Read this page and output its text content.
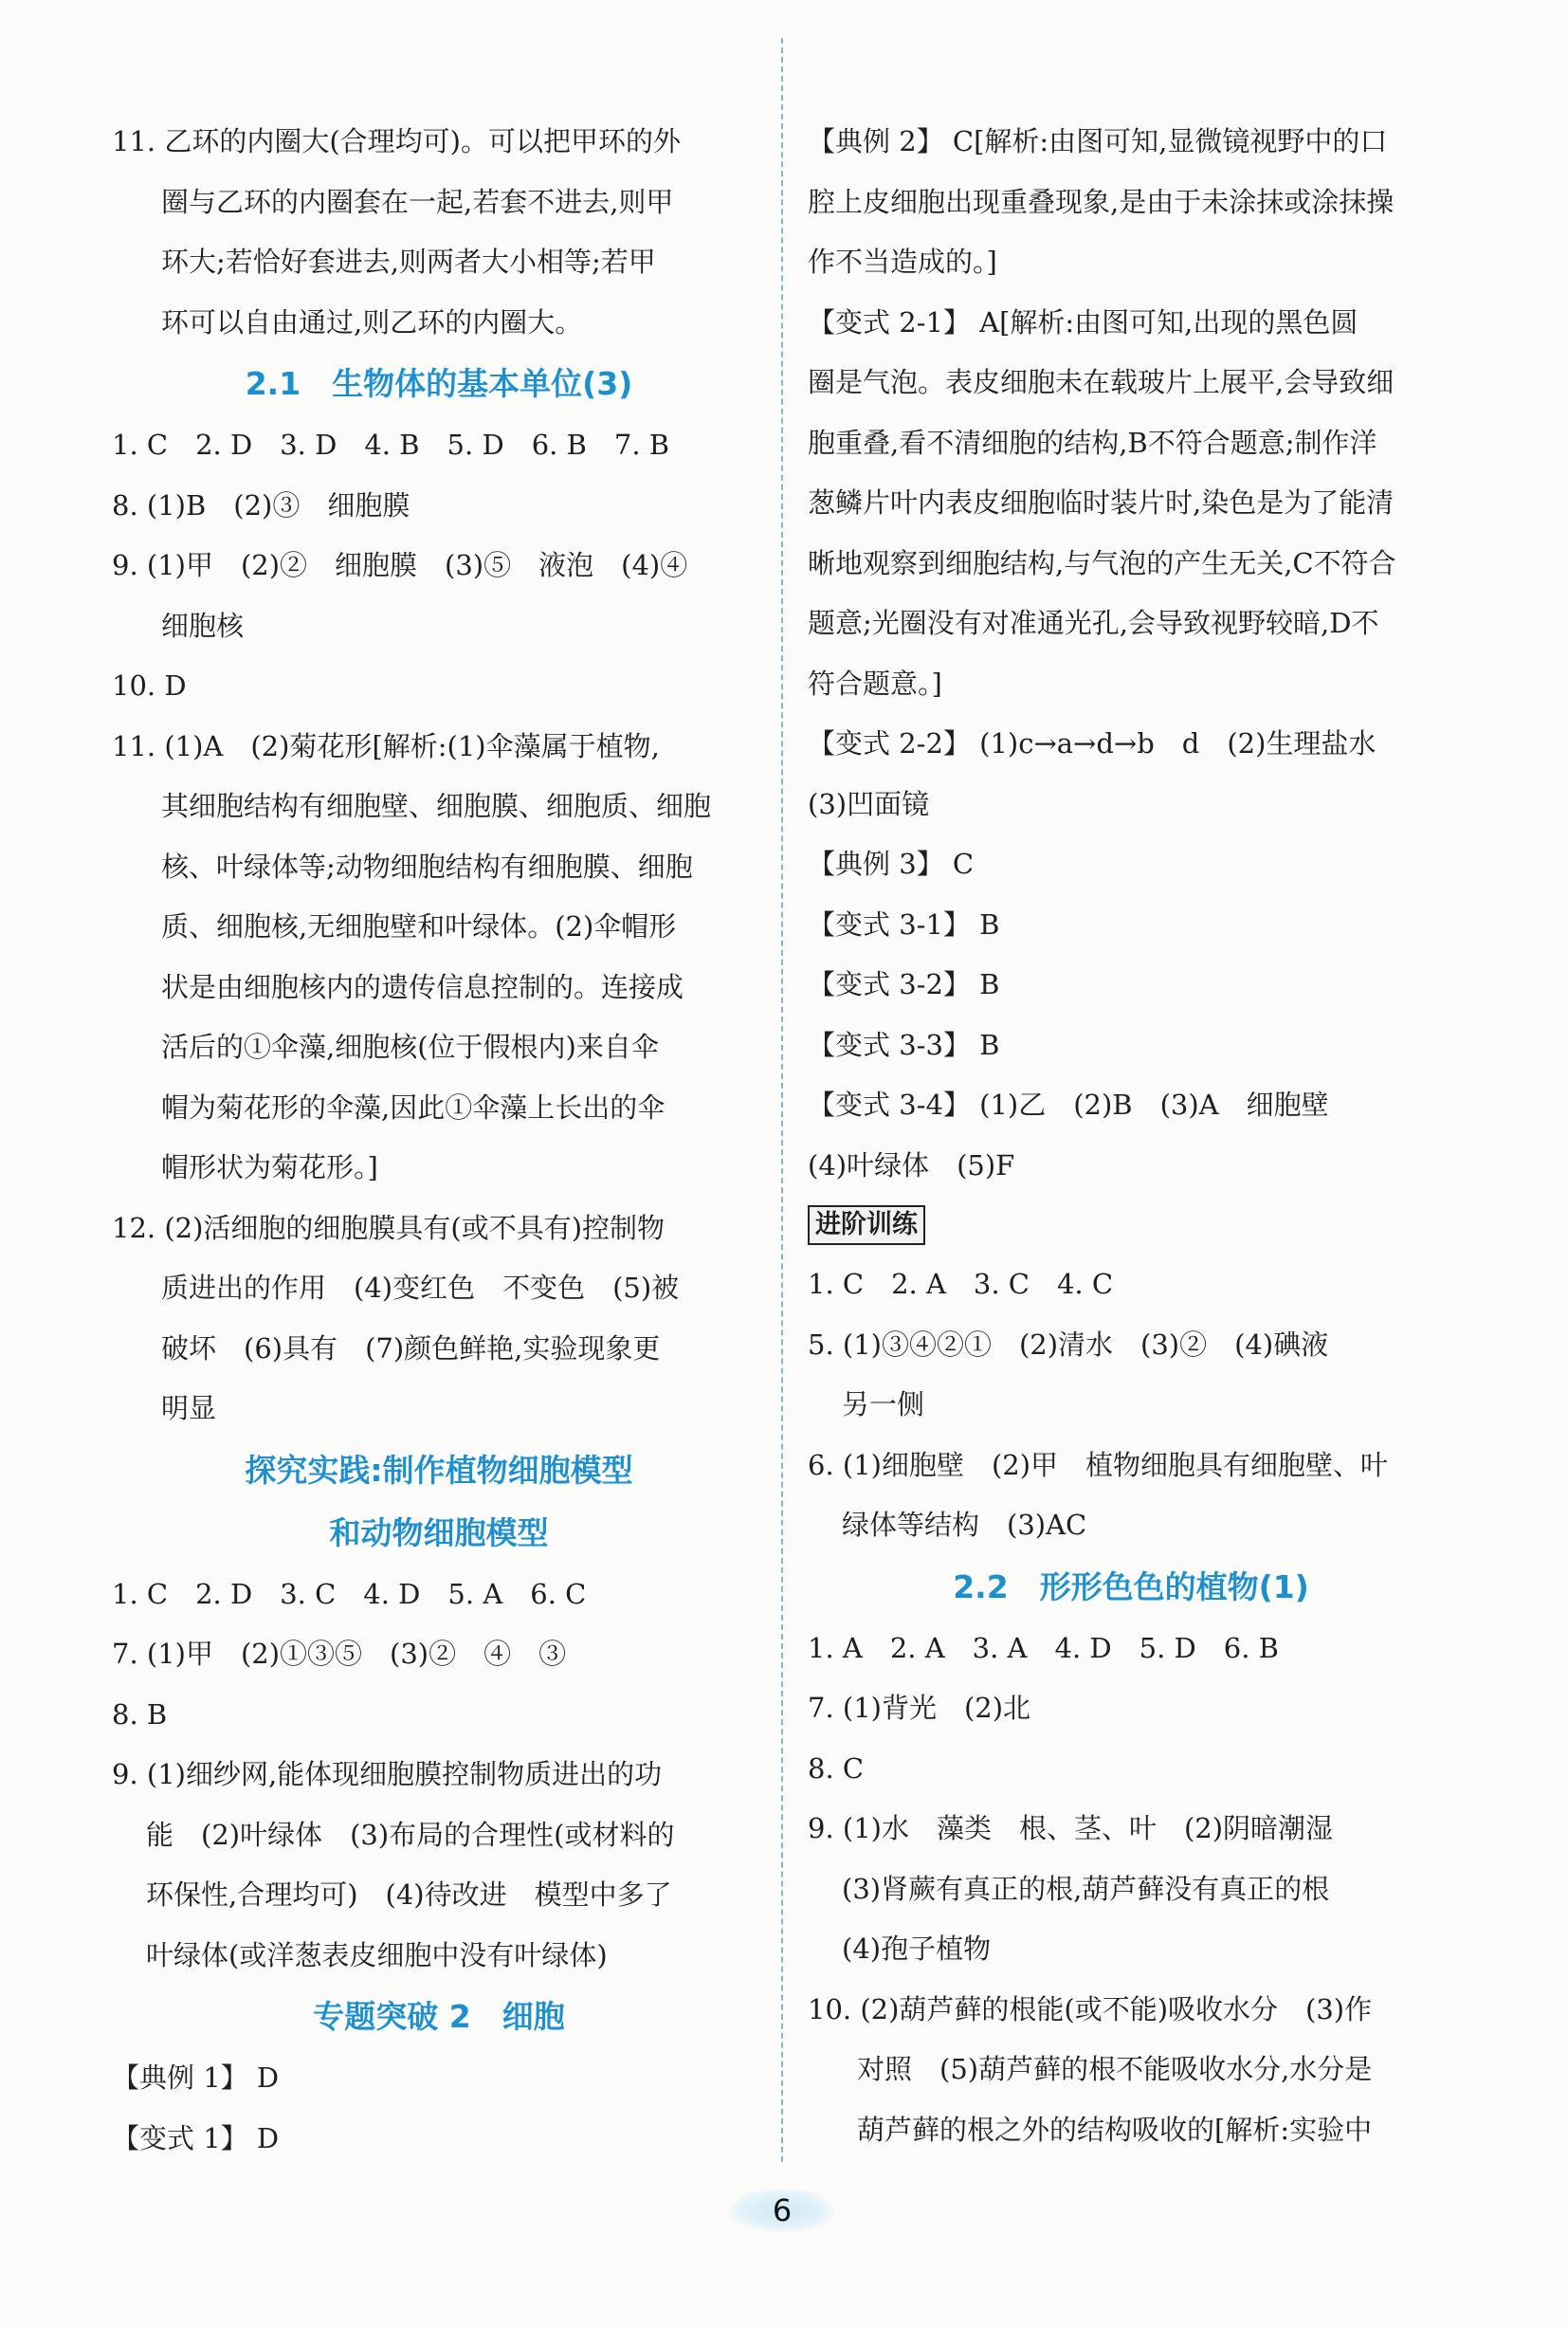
11. 乙环的内圈大(合理均可)。可以把甲环的外
圈与乙环的内圈套在一起,若套不进去,则甲
环大;若恰好套进去,则两者大小相等;若甲
环可以自由通过,则乙环的内圈大。
2.1　生物体的基本单位(3)
1. C　2. D　3. D　4. B　5. D　6. B　7. B
8. (1)B　(2)③　细胞膜
9. (1)甲　(2)②　细胞膜　(3)⑤　液泡　(4)④
细胞核
10. D
11. (1)A　(2)菊花形[解析:(1)伞藻属于植物,
其细胞结构有细胞壁、细胞膜、细胞质、细胞
核、叶绿体等;动物细胞结构有细胞膜、细胞
质、细胞核,无细胞壁和叶绿体。(2)伞帽形
状是由细胞核内的遗传信息控制的。连接成
活后的①伞藻,细胞核(位于假根内)来自伞
帽为菊花形的伞藻,因此①伞藻上长出的伞
帽形状为菊花形。]
12. (2)活细胞的细胞膜具有(或不具有)控制物
质进出的作用　(4)变红色　不变色　(5)被
破坏　(6)具有　(7)颜色鲜艳,实验现象更
明显
探究实践:制作植物细胞模型
和动物细胞模型
1. C　2. D　3. C　4. D　5. A　6. C
7. (1)甲　(2)①③⑤　(3)②　④　③
8. B
9. (1)细纱网,能体现细胞膜控制物质进出的功
能　(2)叶绿体　(3)布局的合理性(或材料的
环保性,合理均可)　(4)待改进　模型中多了
叶绿体(或洋葱表皮细胞中没有叶绿体)
专题突破 2　细胞
【典例 1】 D
【变式 1】 D
【典例 2】 C[解析:由图可知,显微镜视野中的口
腔上皮细胞出现重叠现象,是由于未涂抹或涂抹操
作不当造成的。]
【变式 2-1】 A[解析:由图可知,出现的黑色圆
圈是气泡。表皮细胞未在载玻片上展平,会导致细
胞重叠,看不清细胞的结构,B不符合题意;制作洋
葱鳞片叶内表皮细胞临时装片时,染色是为了能清
晰地观察到细胞结构,与气泡的产生无关,C不符合
题意;光圈没有对准通光孔,会导致视野较暗,D不
符合题意。]
【变式 2-2】 (1)c→a→d→b　d　(2)生理盐水
(3)凹面镜
【典例 3】 C
【变式 3-1】 B
【变式 3-2】 B
【变式 3-3】 B
【变式 3-4】 (1)乙　(2)B　(3)A　细胞壁
(4)叶绿体　(5)F
进阶训练
1. C　2. A　3. C　4. C
5. (1)③④②①　(2)清水　(3)②　(4)碘液
另一侧
6. (1)细胞壁　(2)甲　植物细胞具有细胞壁、叶
绿体等结构　(3)AC
2.2　形形色色的植物(1)
1. A　2. A　3. A　4. D　5. D　6. B
7. (1)背光　(2)北
8. C
9. (1)水　藻类　根、茎、叶　(2)阴暗潮湿
(3)肾蕨有真正的根,葫芦藓没有真正的根
(4)孢子植物
10. (2)葫芦藓的根能(或不能)吸收水分　(3)作
对照　(5)葫芦藓的根不能吸收水分,水分是
葫芦藓的根之外的结构吸收的[解析:实验中
6
